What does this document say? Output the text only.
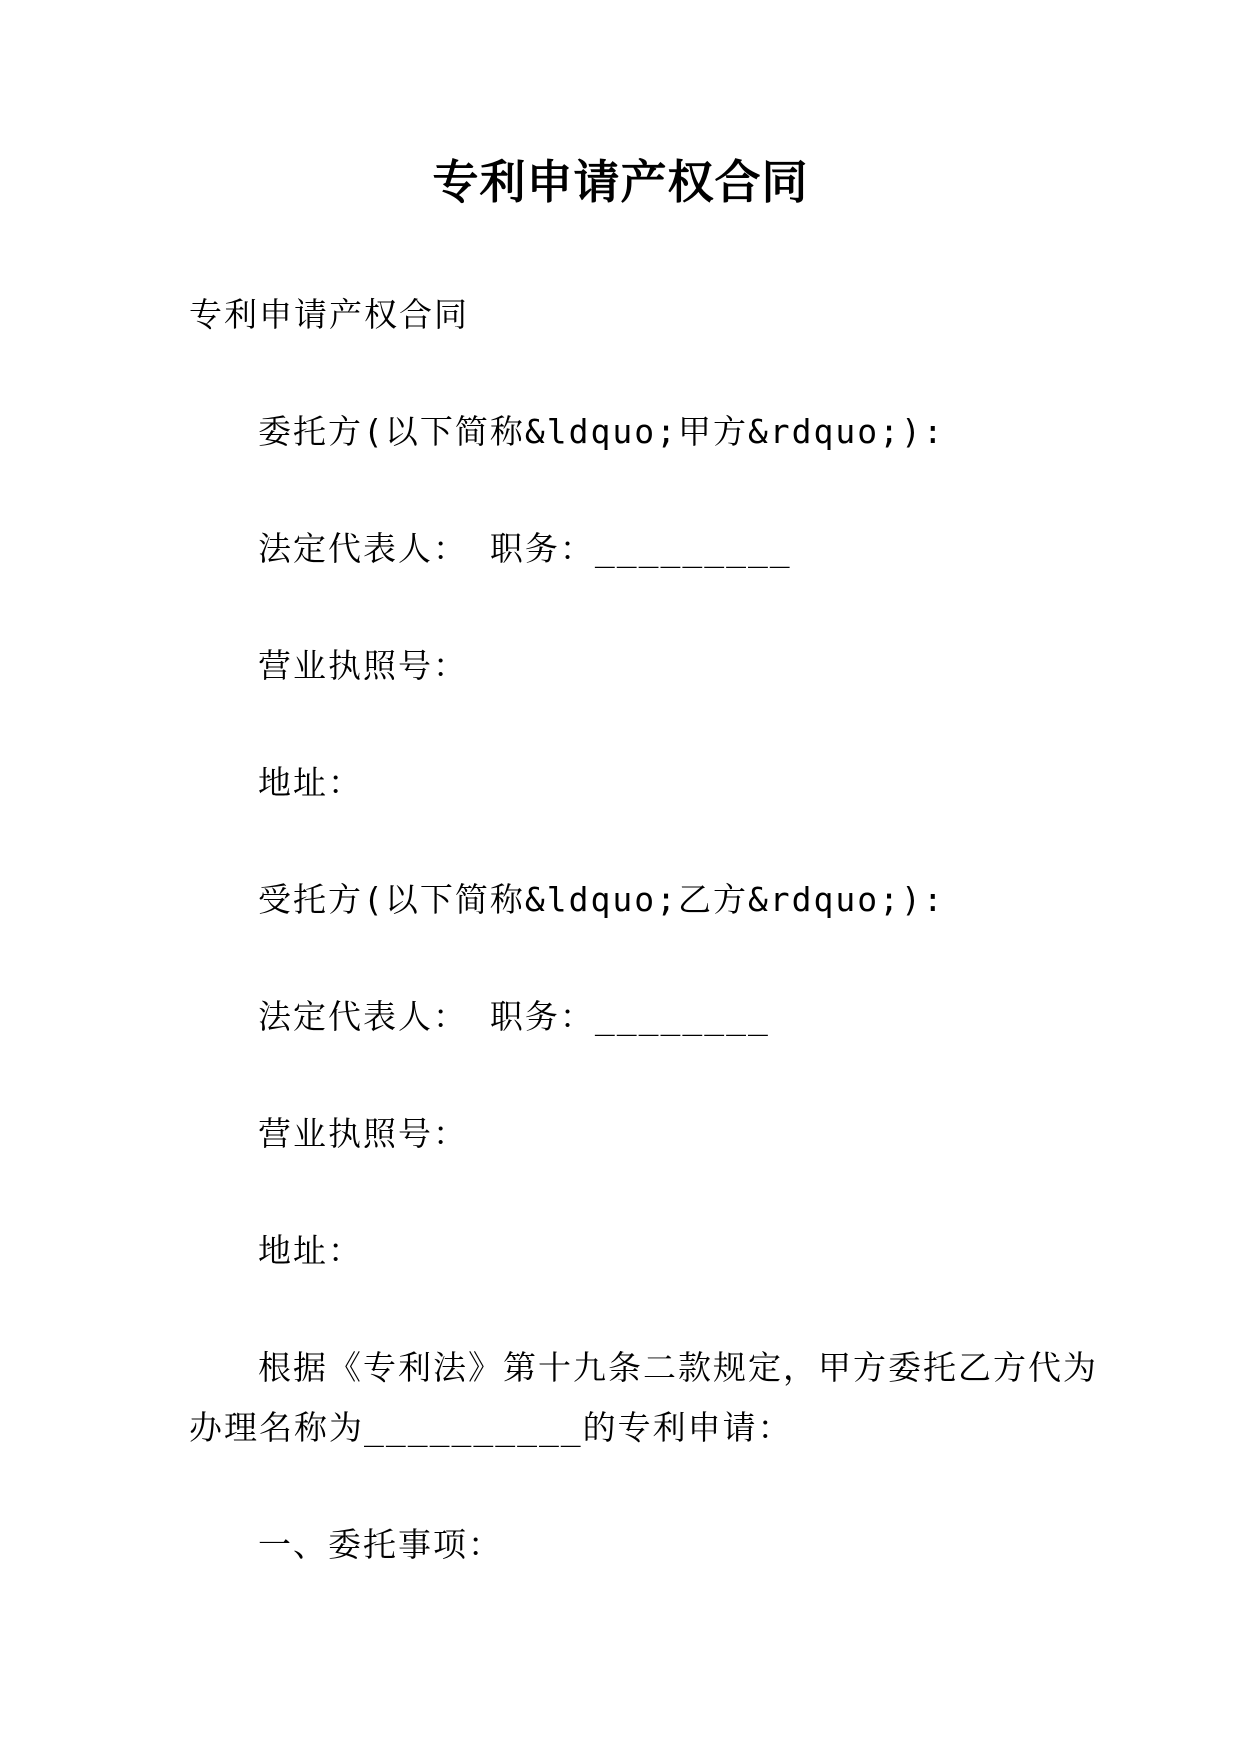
专利申请产权合同
专利申请产权合同
委托方(以下简称&ldquo;甲方&rdquo;):
法定代表人： 职务：_________
营业执照号：
地址：
受托方(以下简称&ldquo;乙方&rdquo;):
法定代表人： 职务：________
营业执照号：
地址：
根据《专利法》第十九条二款规定，甲方委托乙方代为
办理名称为__________的专利申请：
一、委托事项：
